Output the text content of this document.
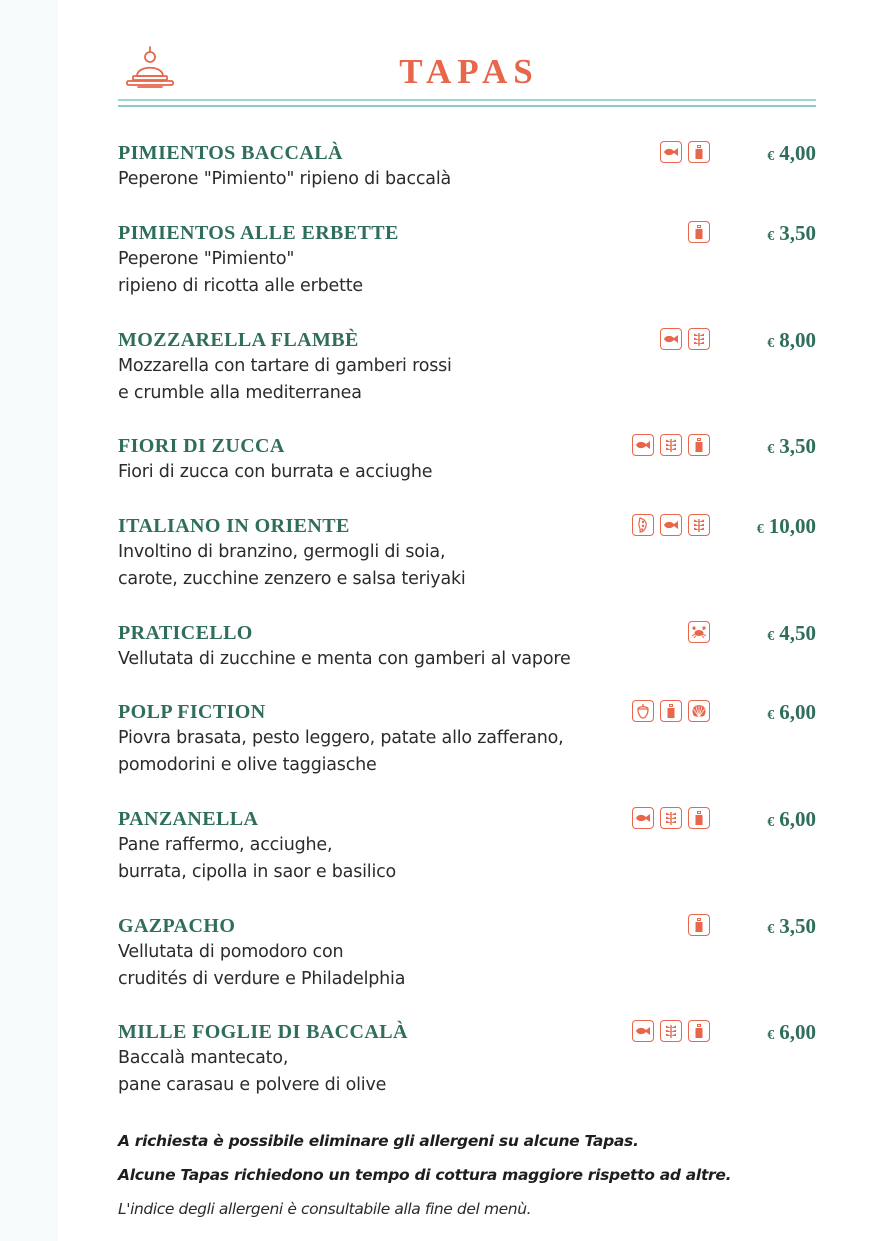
TAPAS
PIMIENTOS BACCALÀ
Peperone "Pimiento" ripieno di baccalà
€ 4,00
PIMIENTOS ALLE ERBETTE
Peperone "Pimiento"
ripieno di ricotta alle erbette
€ 3,50
MOZZARELLA FLAMBÈ
Mozzarella con tartare di gamberi rossi
e crumble alla mediterranea
€ 8,00
FIORI DI ZUCCA
Fiori di zucca con burrata e acciughe
€ 3,50
ITALIANO IN ORIENTE
Involtino di branzino, germogli di soia,
carote, zucchine zenzero e salsa teriyaki
€ 10,00
PRATICELLO
Vellutata di zucchine e menta con gamberi al vapore
€ 4,50
POLP FICTION
Piovra brasata, pesto leggero, patate allo zafferano,
pomodorini e olive taggiasche
€ 6,00
PANZANELLA
Pane raffermo, acciughe,
burrata, cipolla in saor e basilico
€ 6,00
GAZPACHO
Vellutata di pomodoro con
crudités di verdure e Philadelphia
€ 3,50
MILLE FOGLIE DI BACCALÀ
Baccalà mantecato,
pane carasau e polvere di olive
€ 6,00
A richiesta è possibile eliminare gli allergeni su alcune Tapas.
Alcune Tapas richiedono un tempo di cottura maggiore rispetto ad altre.
L'indice degli allergeni è consultabile alla fine del menù.
